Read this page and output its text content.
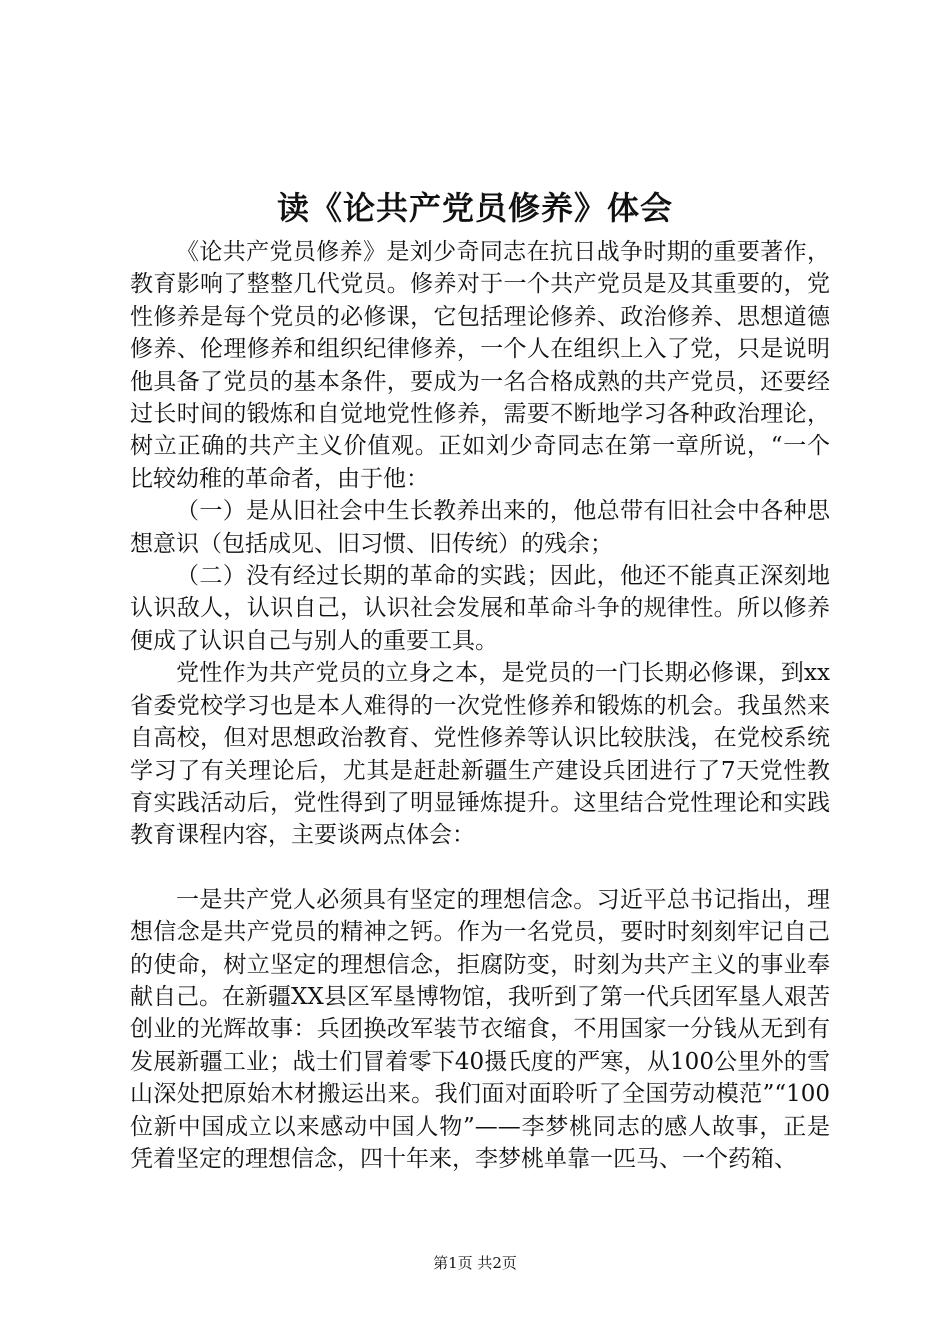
读《论共产党员修养》体会

《论共产党员修养》是刘少奇同志在抗日战争时期的重要著作，教育影响了整整几代党员。修养对于一个共产党员是及其重要的，党性修养是每个党员的必修课，它包括理论修养、政治修养、思想道德修养、伦理修养和组织纪律修养，一个人在组织上入了党，只是说明他具备了党员的基本条件，要成为一名合格成熟的共产党员，还要经过长时间的锻炼和自觉地党性修养，需要不断地学习各种政治理论，树立正确的共产主义价值观。正如刘少奇同志在第一章所说，“一个比较幼稚的革命者，由于他：

（一）是从旧社会中生长教养出来的，他总带有旧社会中各种思想意识（包括成见、旧习惯、旧传统）的残余；

（二）没有经过长期的革命的实践；因此，他还不能真正深刻地认识敌人，认识自己，认识社会发展和革命斗争的规律性。所以修养便成了认识自己与别人的重要工具。

党性作为共产党员的立身之本，是党员的一门长期必修课，到xx省委党校学习也是本人难得的一次党性修养和锻炼的机会。我虽然来自高校，但对思想政治教育、党性修养等认识比较肤浅，在党校系统学习了有关理论后，尤其是赶赴新疆生产建设兵团进行了7天党性教育实践活动后，党性得到了明显锤炼提升。这里结合党性理论和实践教育课程内容，主要谈两点体会：

一是共产党人必须具有坚定的理想信念。习近平总书记指出，理想信念是共产党员的精神之钙。作为一名党员，要时时刻刻牢记自己的使命，树立坚定的理想信念，拒腐防变，时刻为共产主义的事业奉献自己。在新疆XX县区军垦博物馆，我听到了第一代兵团军垦人艰苦创业的光辉故事：兵团换改军装节衣缩食，不用国家一分钱从无到有发展新疆工业；战士们冒着零下40摄氏度的严寒，从100公里外的雪山深处把原始木材搬运出来。我们面对面聆听了全国劳动模范”“100位新中国成立以来感动中国人物”——李梦桃同志的感人故事，正是凭着坚定的理想信念，四十年来，李梦桃单靠一匹马、一个药箱、

第1页 共2页
